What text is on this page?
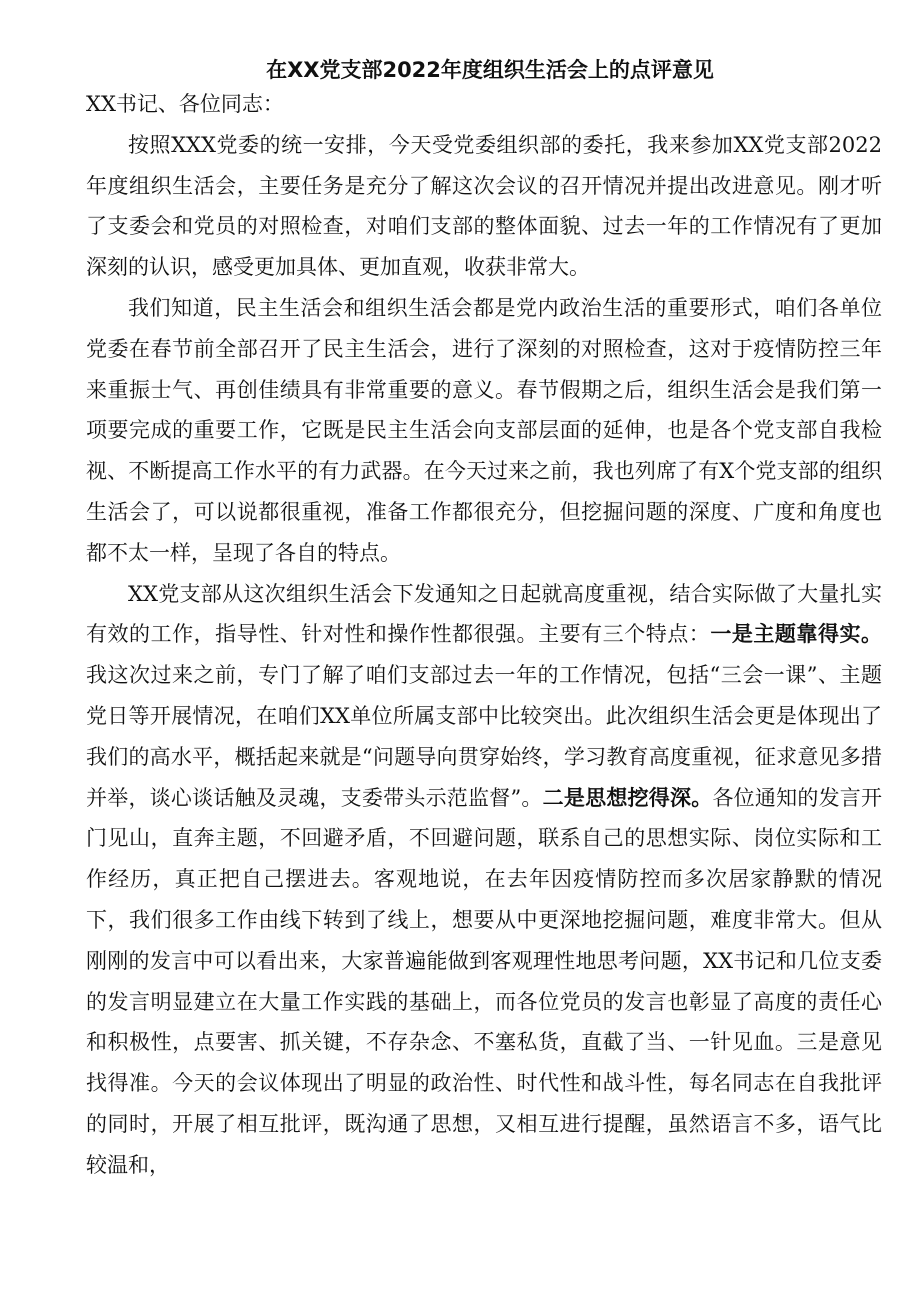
在XX党支部2022年度组织生活会上的点评意见

XX书记、各位同志：

按照XXX党委的统一安排，今天受党委组织部的委托，我来参加XX党支部2022年度组织生活会，主要任务是充分了解这次会议的召开情况并提出改进意见。刚才听了支委会和党员的对照检查，对咱们支部的整体面貌、过去一年的工作情况有了更加深刻的认识，感受更加具体、更加直观，收获非常大。

我们知道，民主生活会和组织生活会都是党内政治生活的重要形式，咱们各单位党委在春节前全部召开了民主生活会，进行了深刻的对照检查，这对于疫情防控三年来重振士气、再创佳绩具有非常重要的意义。春节假期之后，组织生活会是我们第一项要完成的重要工作，它既是民主生活会向支部层面的延伸，也是各个党支部自我检视、不断提高工作水平的有力武器。在今天过来之前，我也列席了有X个党支部的组织生活会了，可以说都很重视，准备工作都很充分，但挖掘问题的深度、广度和角度也都不太一样，呈现了各自的特点。

XX党支部从这次组织生活会下发通知之日起就高度重视，结合实际做了大量扎实有效的工作，指导性、针对性和操作性都很强。主要有三个特点：一是主题靠得实。我这次过来之前，专门了解了咱们支部过去一年的工作情况，包括“三会一课”、主题党日等开展情况，在咱们XX单位所属支部中比较突出。此次组织生活会更是体现出了我们的高水平，概括起来就是“问题导向贯穿始终，学习教育高度重视，征求意见多措并举，谈心谈话触及灵魂，支委带头示范监督”。二是思想挖得深。各位通知的发言开门见山，直奔主题，不回避矛盾，不回避问题，联系自己的思想实际、岗位实际和工作经历，真正把自己摆进去。客观地说，在去年因疫情防控而多次居家静默的情况下，我们很多工作由线下转到了线上，想要从中更深地挖掘问题，难度非常大。但从刚刚的发言中可以看出来，大家普遍能做到客观理性地思考问题，XX书记和几位支委的发言明显建立在大量工作实践的基础上，而各位党员的发言也彰显了高度的责任心和积极性，点要害、抓关键，不存杂念、不塞私货，直截了当、一针见血。三是意见找得准。今天的会议体现出了明显的政治性、时代性和战斗性，每名同志在自我批评的同时，开展了相互批评，既沟通了思想，又相互进行提醒，虽然语言不多，语气比较温和，
